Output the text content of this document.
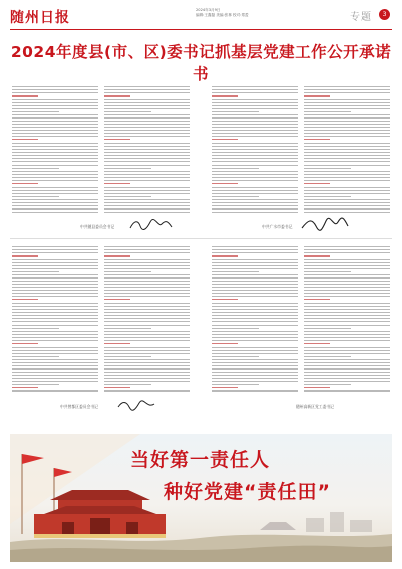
随州日报	2024年3月9日
编辑:王鑫磊 美编:张林 校对:郑盈	专题	3
2024年度县(市、区)委书记抓基层党建工作公开承诺书
中共随县委员会书记	中共广水市委书记
中共曾都区委员会书记	随州高新区党工委书记
当好第一责任人
种好党建“责任田”
